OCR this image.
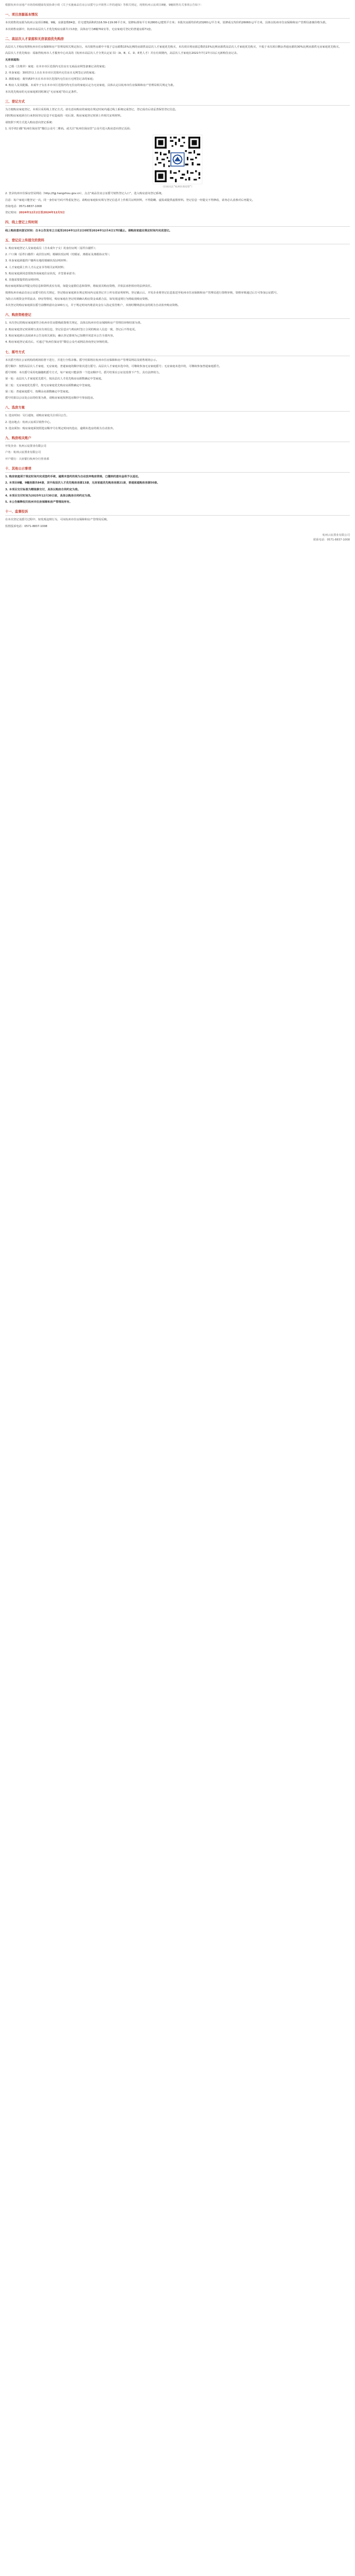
根据杭州市房地产市场持续健康发展协调小组《关于实施商品住房公证摇号公开销售工作的通知》等相关规定，现将杭州云宸项目8幢、9幢销售有关事项公告如下：

一、项目房源基本情况

本次销售的房源为杭州云宸项目8幢、9幢，房源套数84套，住宅建筑面积约116.59-119.06平方米，装修标准每平方米2800元/建筑平方米；本批次房源均价约23260元/平方米，装修成交均价约26060元/平方米，具体以杭州市住房保障和房产管理局备案价格为准。

本次销售房源中，杭州市高层次人才优先购房房源共计13套，具体房号为8幢702室等，无房家庭可登记的普通房源71套。

二、高层次人才家庭和无房家庭优先购房

高层次人才购房按照杭州市住房保障和房产管理局相关规定执行。本次销售房源中不低于总房源数15%比例的房源供高层次人才家庭优先购买，本次项目将房源总数的15%比例房源供高层次人才家庭优先购买，不低于本次项目剩余普通房源的30%比例房源供无房家庭优先购买。

高层次人才优先购房：需取得杭州市人才服务中心出具的《杭州市高层次人才分类认定证书》（A、B、C、D、E类人才）并在有效期内，高层次人才家庭在2021年7月27日以后无新购住房记录。

无房家庭指：

1. 已婚（含离异）家庭：在本市市区范围内无住房且无商品房网签备案记录的家庭；

2. 单身家庭：30周岁以上且在本市市区范围内无住房且无网签记录的家庭；

3. 离婚家庭：离异满3年且在本市市区范围内无住房且无网签记录的家庭；

4. 购房人及其配偶、未成年子女在本市市区范围内均无住房的家庭认定为无房家庭，具体认定以杭州市住房保障和房产管理局相关规定为准。

本次优先购房的无房家庭须同时满足“无房家庭”的认定条件。

三、登记方式

为方便购房家庭登记，本项目采用线上登记方式。请有意向购房的家庭在规定时间内通过线上系统完成登记，登记成功后请妥善保管登记信息。

同时购房家庭须自行承担因登记信息不实造成的一切后果，购房家庭登记时须上传相关证明材料。

请按照下列方式进入购房意向登记系统：

1. 用手机扫描“杭州住保房管”微信公众号二维码，或关注“杭州住保房管”公众号进入购房意向登记页面；

（扫码关注“杭州住保房管”）

2. 登录杭州市住保房管局网站（http://fgj.hangzhou.gov.cn），点击“商品住房公证摇号销售登记入口”，进入购房意向登记系统。

注意：每户家庭只能登记一次，同一身份证号码不得重复登记。请购房家庭如实填写登记信息并上传相关证明材料，不得隐瞒、虚报或提供虚假材料。登记信息一经提交不得修改，请务必认真核对后再提交。

咨询电话：0571-8837-1008

登记时间：2024年12月2日至2024年12月5日

四、线上登记上传时间

线上购房意向登记时间：自本公告发布之日起至2024年12月2日0时至2024年12月4日17时截止。请购房家庭在规定时间内完成登记。

五、登记应上传提交的资料

1. 购房家庭登记人及家庭成员（含未成年子女）的身份证明（原件扫描件）；

2. 户口簿（原件扫描件）或居住证明；婚姻状况证明（结婚证、离婚证及离婚协议等）；

3. 单身家庭须提供户籍所在地的婚姻状况证明材料；

4. 人才家庭须上传人才认定证书等相关证明材料；

5. 购房家庭须同意授权查询家庭住房状况，并签署承诺书；

6. 其他需要提供的证明材料。

购房家庭须保证所提交的信息和资料真实有效，如提交虚假信息和资料，将取消其购房资格，并依法承担相应的法律责任。

按照杭州市商品住房公证摇号的有关规定，登记购房家庭须在规定时间内完成登记并上传有效证明材料。登记截止后，开发企业将登记信息报送至杭州市住房保障和房产管理局进行资格审核，资格审核通过后方可参加公证摇号。

为防止出现资金异常流动、炒房等情况，购房家庭在登记时须确认购房资金来源合法，如发现违规行为将取消购房资格。

本次登记的购房家庭须在摇号前缴纳意向金100万元，并于规定时间内将意向金存入指定监管账户，未按时缴纳意向金的视为自动放弃购房资格。

六、购房资格登记

1. 本次登记的购房家庭须符合杭州市住房限购政策相关规定，具体以杭州市住房保障和房产管理局审核结果为准。

2. 购房家庭登记时须填写真实有效信息，登记信息应与购房时签订合同的购房人信息一致，登记后不得变更。

3. 购房家庭须认真阅读本公告及相关须知，确认登记即视为已知晓并同意本公告全部内容。

4. 购房家庭登记成功后，可通过“杭州住保房管”微信公众号或网站查询登记审核结果。

七、摇号方式

本次摇号将在公证机构的现场监督下进行，并进行全程录像。摇号结果将在杭州市住房保障和房产管理局网站及销售现场公示。

摇号顺序：按照高层次人才家庭、无房家庭、普通家庭的顺序依次进行摇号。高层次人才家庭未选中的，可继续参加无房家庭摇号；无房家庭未选中的，可继续参加普通家庭摇号。

摇号规则：本次摇号采用电脑随机摇号方式，每户家庭只能获得一个选房顺序号。摇号结果在公证处监督下产生，具有法律效力。

第一轮：高层次人才家庭优先摇号，按高层次人才优先购房房源数确定中签家庭。

第二轮：无房家庭优先摇号，按无房家庭优先购房房源数确定中签家庭。

第三轮：普通家庭摇号，按剩余房源数确定中签家庭。

摇号结果以公证处公证的结果为准，请购房家庭按照选房顺序号参加选房。

八、选房方案

1. 选房时间：另行通知，请购房家庭关注项目公告。

2. 选房地点：杭州云宸项目销售中心。

3. 选房须知：购房家庭须按照选房顺序号在规定时间内选房，逾期未选房的视为自动放弃。

九、购房相关账户

开发企业：杭州云宸置业有限公司

户名：杭州云宸置业有限公司

开户银行：兴业银行杭州分行营业部

十、其他公示事项

1. 购房家庭须于规定时间内完成签约手续，逾期未签约的视为自动放弃购房资格，已缴纳的意向金将予以退还。

2. 本项目8幢、9幢房源共84套，其中高层次人才优先购房房源13套，无房家庭优先购房房源21套，普通家庭购房房源50套。

3. 本项目交付标准为精装修交付，具体以购房合同约定为准。

4. 本项目交付时间为2025年12月30日前，具体以购房合同约定为准。

5. 本公告解释权归杭州市住房保障和房产管理局所有。

十一、监督投诉

在本次登记及摇号过程中，如发现违规行为，可向杭州市住房保障和房产管理局反映。

监督投诉电话：0571-8837-1008

杭州云宸置业有限公司
联系电话：0571-8837-1008
